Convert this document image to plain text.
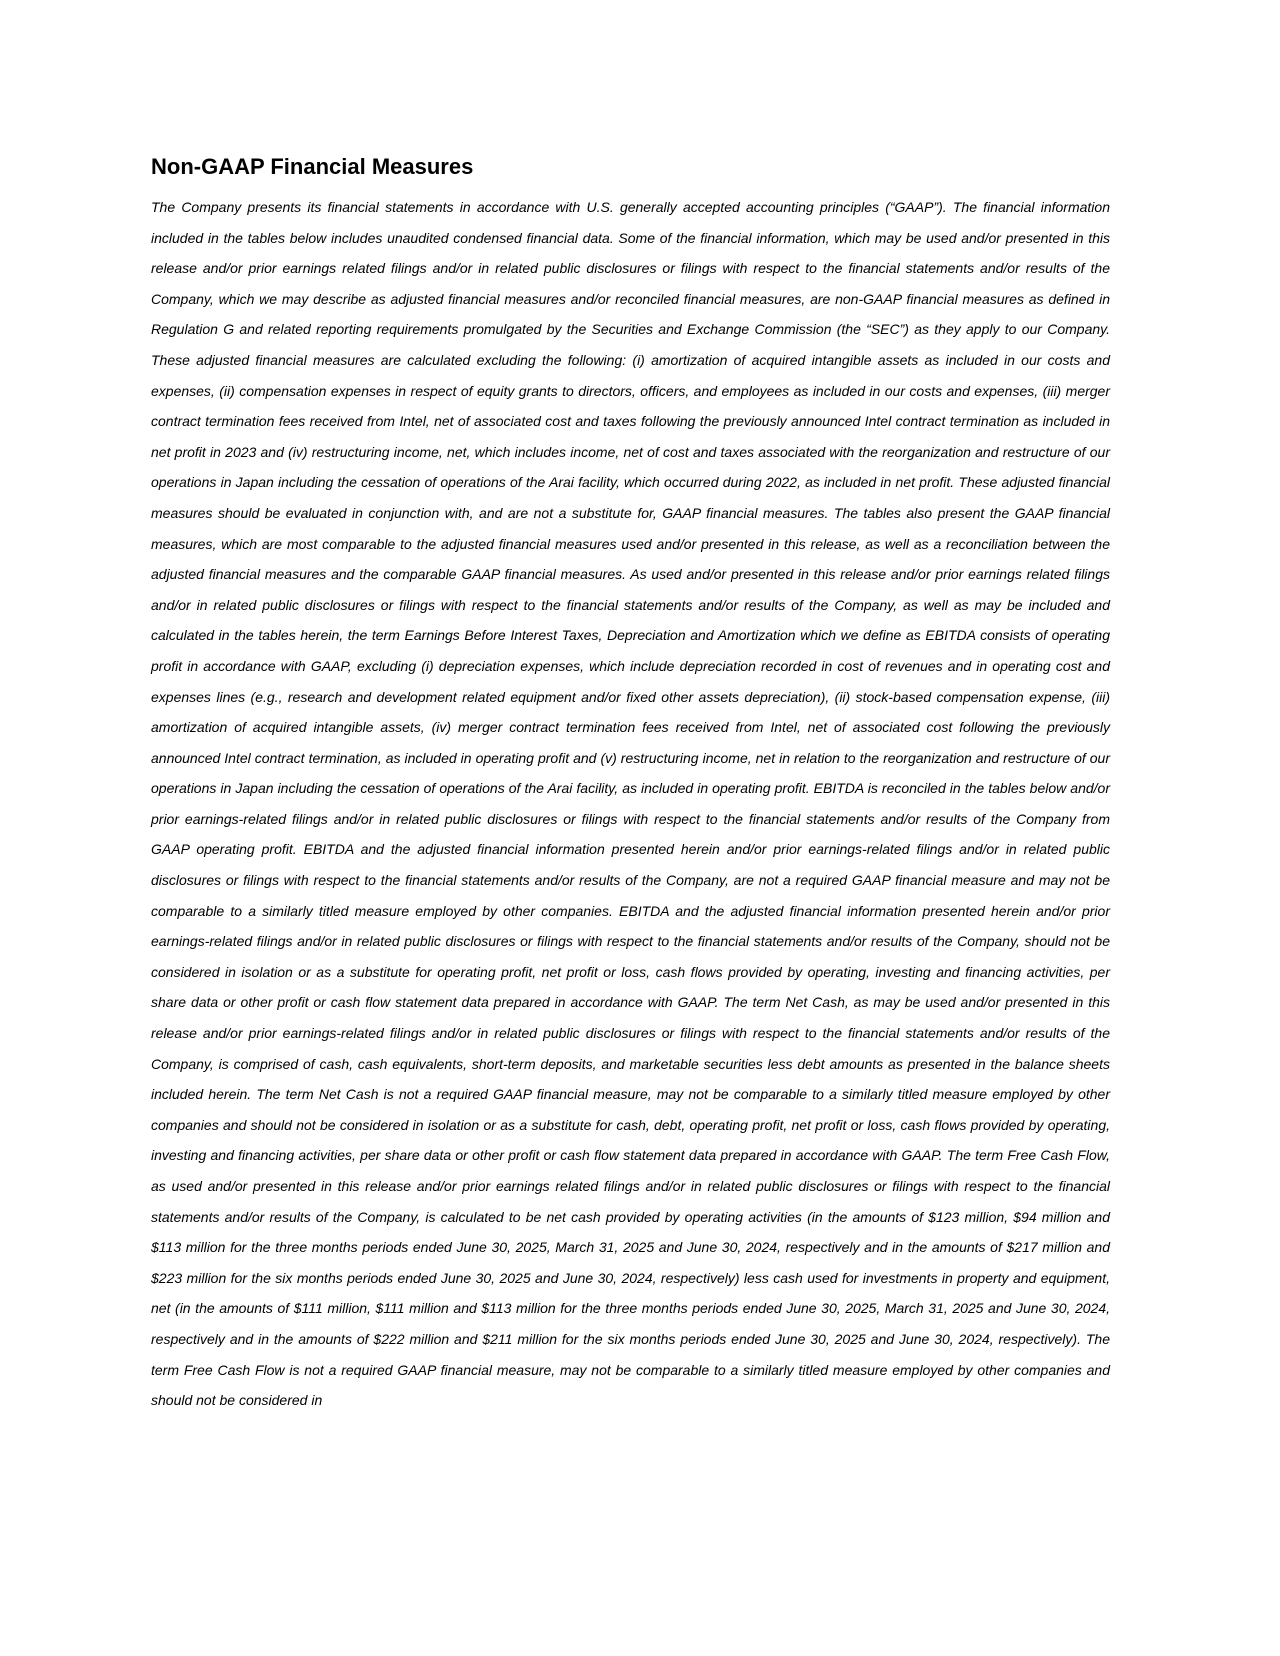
Non-GAAP Financial Measures

The Company presents its financial statements in accordance with U.S. generally accepted accounting principles (“GAAP”). The financial information included in the tables below includes unaudited condensed financial data. Some of the financial information, which may be used and/or presented in this release and/or prior earnings related filings and/or in related public disclosures or filings with respect to the financial statements and/or results of the Company, which we may describe as adjusted financial measures and/or reconciled financial measures, are non-GAAP financial measures as defined in Regulation G and related reporting requirements promulgated by the Securities and Exchange Commission (the “SEC”) as they apply to our Company. These adjusted financial measures are calculated excluding the following: (i) amortization of acquired intangible assets as included in our costs and expenses, (ii) compensation expenses in respect of equity grants to directors, officers, and employees as included in our costs and expenses, (iii) merger contract termination fees received from Intel, net of associated cost and taxes following the previously announced Intel contract termination as included in net profit in 2023 and (iv) restructuring income, net, which includes income, net of cost and taxes associated with the reorganization and restructure of our operations in Japan including the cessation of operations of the Arai facility, which occurred during 2022, as included in net profit. These adjusted financial measures should be evaluated in conjunction with, and are not a substitute for, GAAP financial measures. The tables also present the GAAP financial measures, which are most comparable to the adjusted financial measures used and/or presented in this release, as well as a reconciliation between the adjusted financial measures and the comparable GAAP financial measures. As used and/or presented in this release and/or prior earnings related filings and/or in related public disclosures or filings with respect to the financial statements and/or results of the Company, as well as may be included and calculated in the tables herein, the term Earnings Before Interest Taxes, Depreciation and Amortization which we define as EBITDA consists of operating profit in accordance with GAAP, excluding (i) depreciation expenses, which include depreciation recorded in cost of revenues and in operating cost and expenses lines (e.g., research and development related equipment and/or fixed other assets depreciation), (ii) stock-based compensation expense, (iii) amortization of acquired intangible assets, (iv) merger contract termination fees received from Intel, net of associated cost following the previously announced Intel contract termination, as included in operating profit and (v) restructuring income, net in relation to the reorganization and restructure of our operations in Japan including the cessation of operations of the Arai facility, as included in operating profit. EBITDA is reconciled in the tables below and/or prior earnings-related filings and/or in related public disclosures or filings with respect to the financial statements and/or results of the Company from GAAP operating profit. EBITDA and the adjusted financial information presented herein and/or prior earnings-related filings and/or in related public disclosures or filings with respect to the financial statements and/or results of the Company, are not a required GAAP financial measure and may not be comparable to a similarly titled measure employed by other companies. EBITDA and the adjusted financial information presented herein and/or prior earnings-related filings and/or in related public disclosures or filings with respect to the financial statements and/or results of the Company, should not be considered in isolation or as a substitute for operating profit, net profit or loss, cash flows provided by operating, investing and financing activities, per share data or other profit or cash flow statement data prepared in accordance with GAAP. The term Net Cash, as may be used and/or presented in this release and/or prior earnings-related filings and/or in related public disclosures or filings with respect to the financial statements and/or results of the Company, is comprised of cash, cash equivalents, short-term deposits, and marketable securities less debt amounts as presented in the balance sheets included herein. The term Net Cash is not a required GAAP financial measure, may not be comparable to a similarly titled measure employed by other companies and should not be considered in isolation or as a substitute for cash, debt, operating profit, net profit or loss, cash flows provided by operating, investing and financing activities, per share data or other profit or cash flow statement data prepared in accordance with GAAP. The term Free Cash Flow, as used and/or presented in this release and/or prior earnings related filings and/or in related public disclosures or filings with respect to the financial statements and/or results of the Company, is calculated to be net cash provided by operating activities (in the amounts of $123 million, $94 million and $113 million for the three months periods ended June 30, 2025, March 31, 2025 and June 30, 2024, respectively and in the amounts of $217 million and $223 million for the six months periods ended June 30, 2025 and June 30, 2024, respectively) less cash used for investments in property and equipment, net (in the amounts of $111 million, $111 million and $113 million for the three months periods ended June 30, 2025, March 31, 2025 and June 30, 2024, respectively and in the amounts of $222 million and $211 million for the six months periods ended June 30, 2025 and June 30, 2024, respectively). The term Free Cash Flow is not a required GAAP financial measure, may not be comparable to a similarly titled measure employed by other companies and should not be considered in
